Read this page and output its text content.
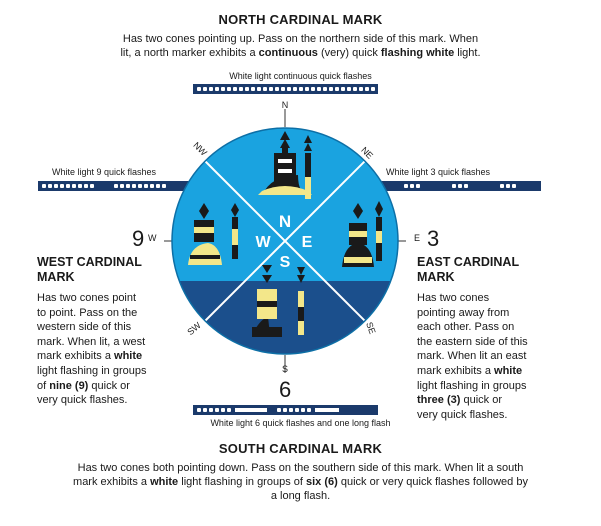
NORTH CARDINAL MARK
Has two cones pointing up. Pass on the northern side of this mark. When
lit, a north marker exhibits a continuous (very) quick flashing white light.
White light continuous quick flashes
White light 9 quick flashes	White light 3 quick flashes
N
W E
S
N
NE
NW
SE
SW
9 W	E 3
S
6
WEST CARDINAL
MARK
Has two cones point
to point. Pass on the
western side of this
mark. When lit, a west
mark exhibits a white
light flashing in groups
of nine (9) quick or
very quick flashes.
EAST CARDINAL
MARK
Has two cones
pointing away from
each other. Pass on
the eastern side of this
mark. When lit an east
mark exhibits a white
light flashing in groups
three (3) quick or
very quick flashes.
White light 6 quick flashes and one long flash
SOUTH CARDINAL MARK
Has two cones both pointing down. Pass on the southern side of this mark. When lit a south
mark exhibits a white light flashing in groups of six (6) quick or very quick flashes followed by
a long flash.
